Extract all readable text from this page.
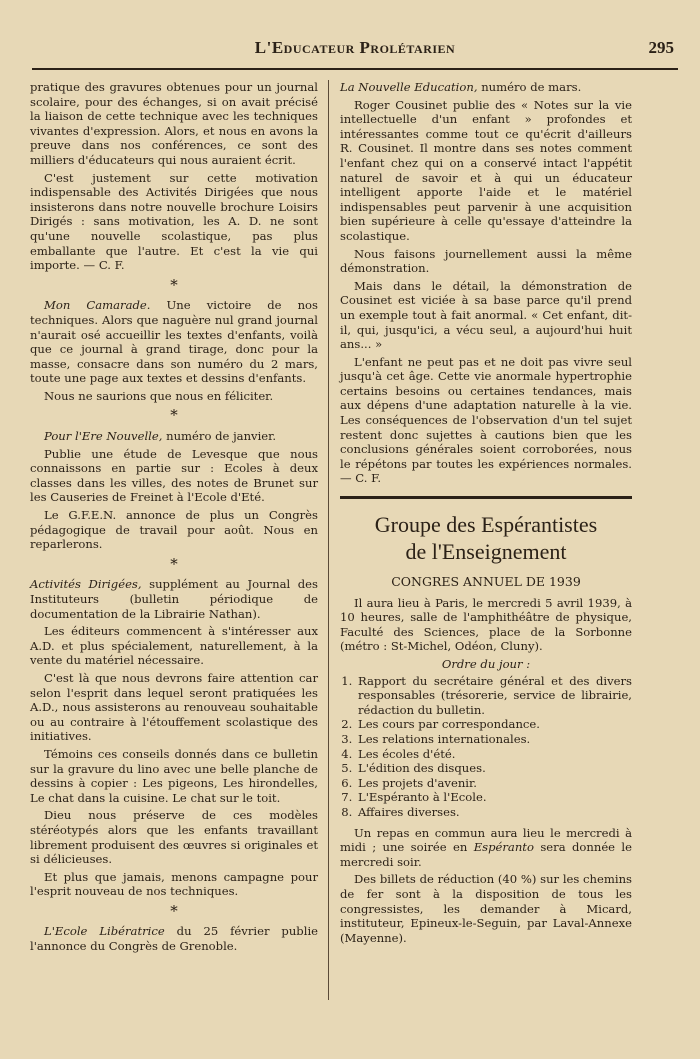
L'Educateur Prolétarien	295

pratique des gravures obtenues pour un journal scolaire, pour des échanges, si on avait précisé la liaison de cette technique avec les techniques vivantes d'expression. Alors, et nous en avons la preuve dans nos conférences, ce sont des milliers d'éducateurs qui nous auraient écrit.

C'est justement sur cette motivation indispensable des Activités Dirigées que nous insisterons dans notre nouvelle brochure Loisirs Dirigés : sans motivation, les A. D. ne sont qu'une nouvelle scolastique, pas plus emballante que l'autre. Et c'est la vie qui importe. — C. F.

*

Mon Camarade. Une victoire de nos techniques. Alors que naguère nul grand journal n'aurait osé accueillir les textes d'enfants, voilà que ce journal à grand tirage, donc pour la masse, consacre dans son numéro du 2 mars, toute une page aux textes et dessins d'enfants.

Nous ne saurions que nous en féliciter.

*

Pour l'Ere Nouvelle, numéro de janvier.

Publie une étude de Levesque que nous connaissons en partie sur : Ecoles à deux classes dans les villes, des notes de Brunet sur les Causeries de Freinet à l'Ecole d'Eté.

Le G.F.E.N. annonce de plus un Congrès pédagogique de travail pour août. Nous en reparlerons.

*

Activités Dirigées, supplément au Journal des Instituteurs (bulletin périodique de documentation de la Librairie Nathan).

Les éditeurs commencent à s'intéresser aux A.D. et plus spécialement, naturellement, à la vente du matériel nécessaire.

C'est là que nous devrons faire attention car selon l'esprit dans lequel seront pratiquées les A.D., nous assisterons au renouveau souhaitable ou au contraire à l'étouffement scolastique des initiatives.

Témoins ces conseils donnés dans ce bulletin sur la gravure du lino avec une belle planche de dessins à copier : Les pigeons, Les hirondelles, Le chat dans la cuisine. Le chat sur le toit.

Dieu nous préserve de ces modèles stéréotypés alors que les enfants travaillant librement produisent des œuvres si originales et si délicieuses.

Et plus que jamais, menons campagne pour l'esprit nouveau de nos techniques.

*

L'Ecole Libératrice du 25 février publie l'annonce du Congrès de Grenoble.

La Nouvelle Education, numéro de mars.

Roger Cousinet publie des « Notes sur la vie intellectuelle d'un enfant » profondes et intéressantes comme tout ce qu'écrit d'ailleurs R. Cousinet. Il montre dans ses notes comment l'enfant chez qui on a conservé intact l'appétit naturel de savoir et à qui un éducateur intelligent apporte l'aide et le matériel indispensables peut parvenir à une acquisition bien supérieure à celle qu'essaye d'atteindre la scolastique.

Nous faisons journellement aussi la même démonstration.

Mais dans le détail, la démonstration de Cousinet est viciée à sa base parce qu'il prend un exemple tout à fait anormal. « Cet enfant, dit-il, qui, jusqu'ici, a vécu seul, a aujourd'hui huit ans... »

L'enfant ne peut pas et ne doit pas vivre seul jusqu'à cet âge. Cette vie anormale hypertrophie certains besoins ou certaines tendances, mais aux dépens d'une adaptation naturelle à la vie. Les conséquences de l'observation d'un tel sujet restent donc sujettes à cautions bien que les conclusions générales soient corroborées, nous le répétons par toutes les expériences normales. — C. F.

Groupe des Espérantistes
de l'Enseignement
CONGRES ANNUEL DE 1939

Il aura lieu à Paris, le mercredi 5 avril 1939, à 10 heures, salle de l'amphithéâtre de physique, Faculté des Sciences, place de la Sorbonne (métro : St-Michel, Odéon, Cluny).

Ordre du jour :
1. Rapport du secrétaire général et des divers responsables (trésorerie, service de librairie, rédaction du bulletin.
2. Les cours par correspondance.
3. Les relations internationales.
4. Les écoles d'été.
5. L'édition des disques.
6. Les projets d'avenir.
7. L'Espéranto à l'Ecole.
8. Affaires diverses.

Un repas en commun aura lieu le mercredi à midi ; une soirée en Espéranto sera donnée le mercredi soir.

Des billets de réduction (40 %) sur les chemins de fer sont à la disposition de tous les congressistes, les demander à Micard, instituteur, Epineux-le-Seguin, par Laval-Annexe (Mayenne).
